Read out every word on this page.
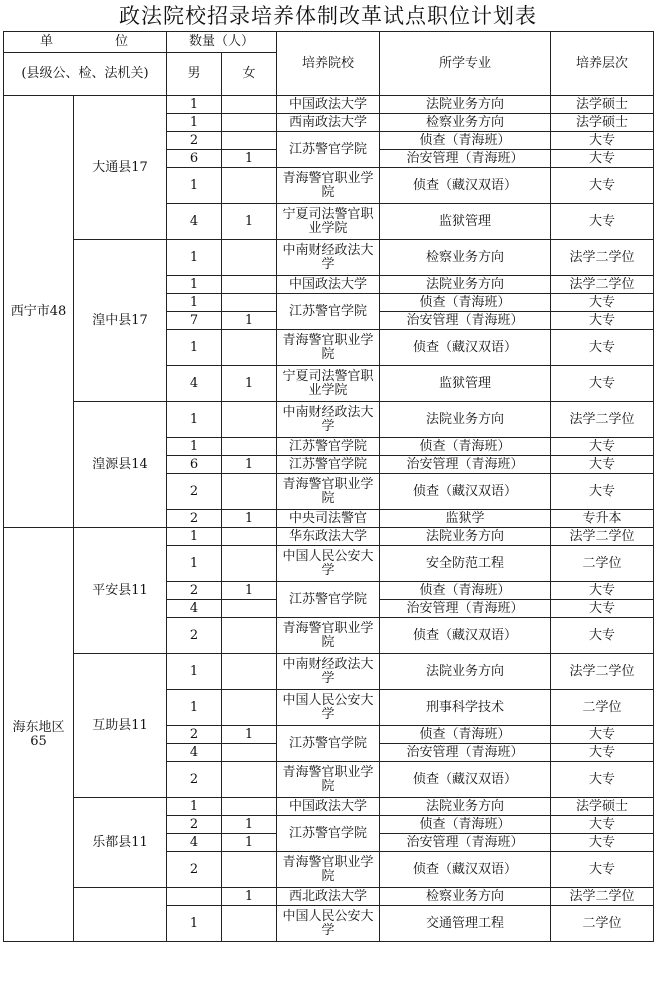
政法院校招录培养体制改革试点职位计划表
单　　　　位		数量（人）		培养院校	所学专业	培养层次
(县级公、检、法机关)		男	女			
西宁市48	大通县17	1		中国政法大学	法院业务方向	法学硕士
		1		西南政法大学	检察业务方向	法学硕士
		2		江苏警官学院	侦查（青海班）	大专
		6	1		治安管理（青海班）	大专
		1		青海警官职业学院	侦查（藏汉双语）	大专
		4	1	宁夏司法警官职业学院	监狱管理	大专
	湟中县17	1		中南财经政法大学	检察业务方向	法学二学位
		1		中国政法大学	法院业务方向	法学二学位
		1		江苏警官学院	侦查（青海班）	大专
		7	1		治安管理（青海班）	大专
		1		青海警官职业学院	侦查（藏汉双语）	大专
		4	1	宁夏司法警官职业学院	监狱管理	大专
	湟源县14	1		中南财经政法大学	法院业务方向	法学二学位
		1		江苏警官学院	侦查（青海班）	大专
		6	1	江苏警官学院	治安管理（青海班）	大专
		2		青海警官职业学院	侦查（藏汉双语）	大专
		2	1	中央司法警官	监狱学	专升本
海东地区65	平安县11	1		华东政法大学	法院业务方向	法学二学位
		1		中国人民公安大学	安全防范工程	二学位
		2	1	江苏警官学院	侦查（青海班）	大专
		4			治安管理（青海班）	大专
		2		青海警官职业学院	侦查（藏汉双语）	大专
	互助县11	1		中南财经政法大学	法院业务方向	法学二学位
		1		中国人民公安大学	刑事科学技术	二学位
		2	1	江苏警官学院	侦查（青海班）	大专
		4			治安管理（青海班）	大专
		2		青海警官职业学院	侦查（藏汉双语）	大专
	乐都县11	1		中国政法大学	法院业务方向	法学硕士
		2	1	江苏警官学院	侦查（青海班）	大专
		4	1		治安管理（青海班）	大专
		2		青海警官职业学院	侦查（藏汉双语）	大专
			1	西北政法大学	检察业务方向	法学二学位
		1		中国人民公安大学	交通管理工程	二学位
